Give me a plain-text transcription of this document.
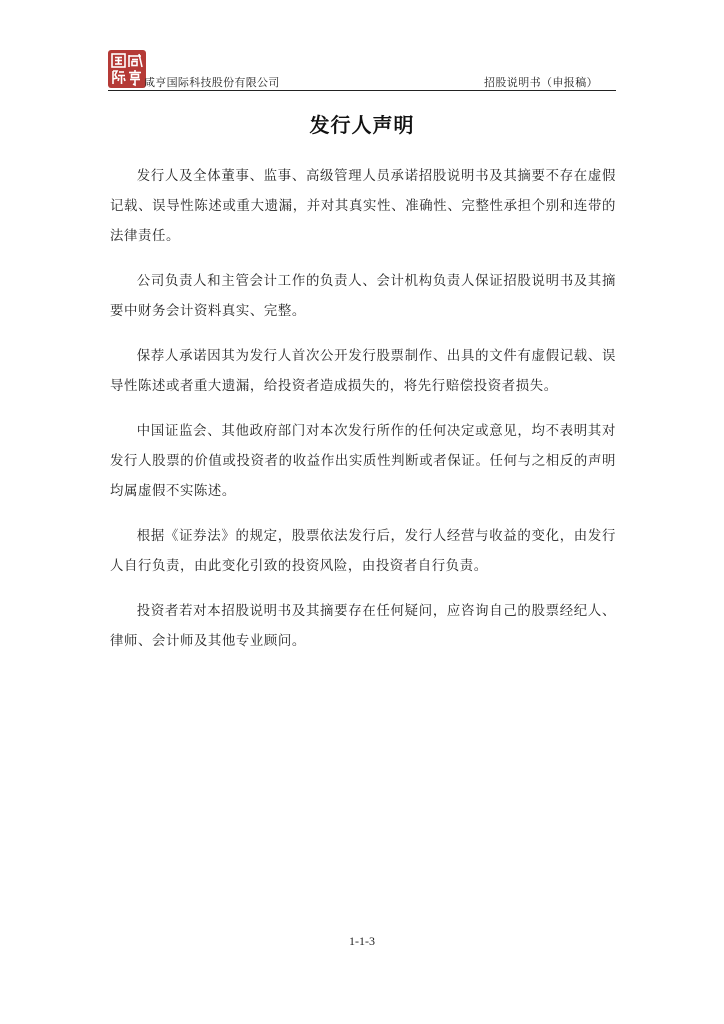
咸亨国际科技股份有限公司	招股说明书（申报稿）
发行人声明

发行人及全体董事、监事、高级管理人员承诺招股说明书及其摘要不存在虚假记载、误导性陈述或重大遗漏，并对其真实性、准确性、完整性承担个别和连带的法律责任。

公司负责人和主管会计工作的负责人、会计机构负责人保证招股说明书及其摘要中财务会计资料真实、完整。

保荐人承诺因其为发行人首次公开发行股票制作、出具的文件有虚假记载、误导性陈述或者重大遗漏，给投资者造成损失的，将先行赔偿投资者损失。

中国证监会、其他政府部门对本次发行所作的任何决定或意见，均不表明其对发行人股票的价值或投资者的收益作出实质性判断或者保证。任何与之相反的声明均属虚假不实陈述。

根据《证券法》的规定，股票依法发行后，发行人经营与收益的变化，由发行人自行负责，由此变化引致的投资风险，由投资者自行负责。

投资者若对本招股说明书及其摘要存在任何疑问，应咨询自己的股票经纪人、律师、会计师及其他专业顾问。

1-1-3
